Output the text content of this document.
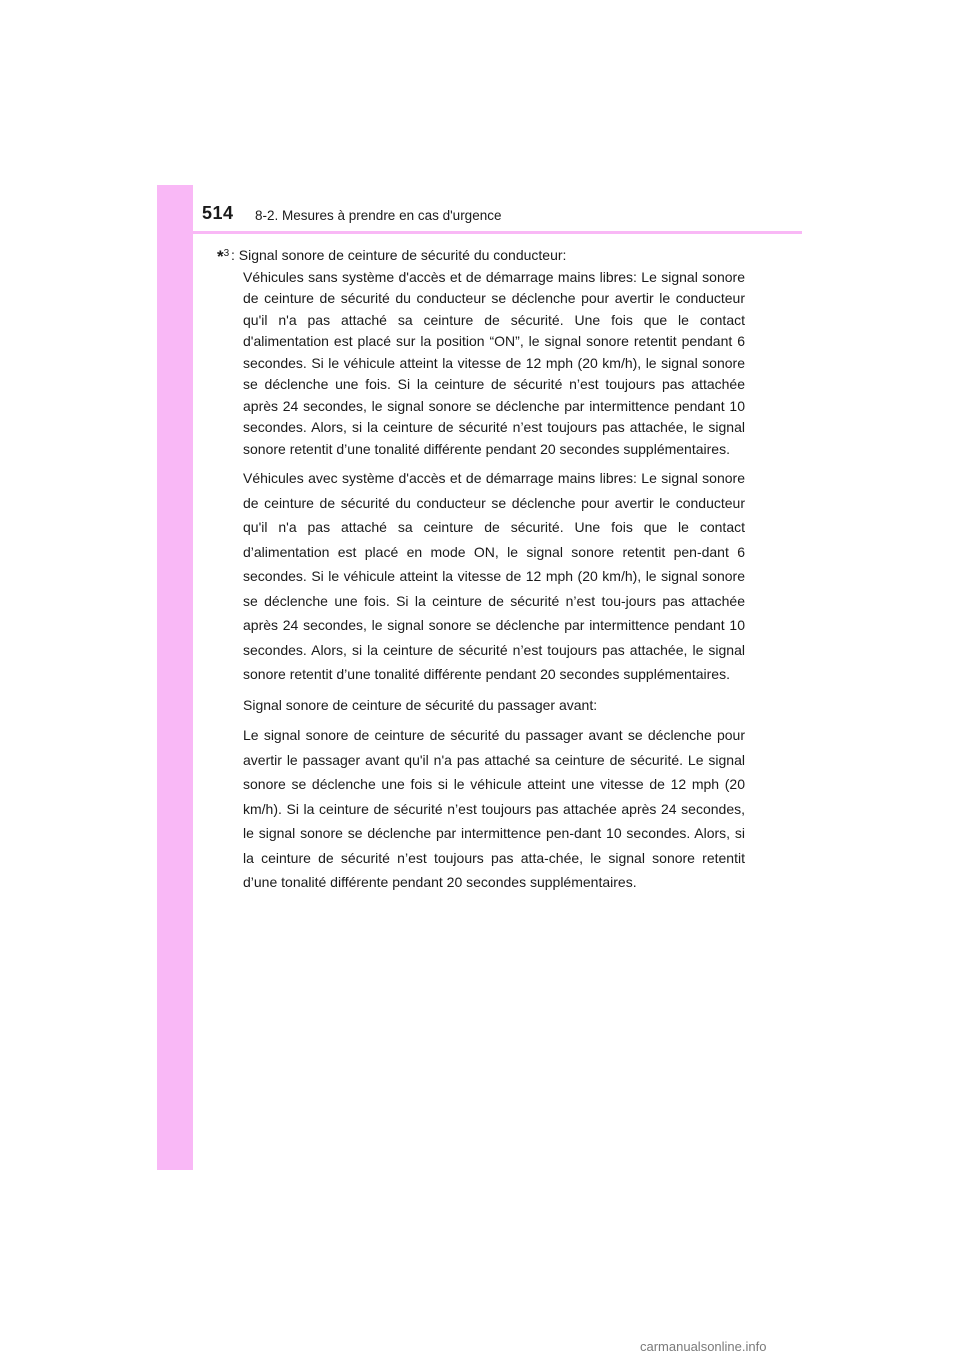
514 8-2. Mesures à prendre en cas d'urgence
*$^3$ : Signal sonore de ceinture de sécurité du conducteur:

Véhicules sans système d'accès et de démarrage mains libres: Le signal sonore de ceinture de sécurité du conducteur se déclenche pour avertir le conducteur qu'il n'a pas attaché sa ceinture de sécurité. Une fois que le contact d'alimentation est placé sur la position “ON”, le signal sonore retentit pendant 6 secondes. Si le véhicule atteint la vitesse de 12 mph (20 km/h), le signal sonore se déclenche une fois. Si la ceinture de sécurité n’est toujours pas attachée après 24 secondes, le signal sonore se déclenche par intermittence pendant 10 secondes. Alors, si la ceinture de sécurité n’est toujours pas attachée, le signal sonore retentit d’une tonalité différente pendant 20 secondes supplémentaires.

Véhicules avec système d'accès et de démarrage mains libres: Le signal sonore de ceinture de sécurité du conducteur se déclenche pour avertir le conducteur qu'il n'a pas attaché sa ceinture de sécurité. Une fois que le contact d’alimentation est placé en mode ON, le signal sonore retentit pen-dant 6 secondes. Si le véhicule atteint la vitesse de 12 mph (20 km/h), le signal sonore se déclenche une fois. Si la ceinture de sécurité n’est tou-jours pas attachée après 24 secondes, le signal sonore se déclenche par intermittence pendant 10 secondes. Alors, si la ceinture de sécurité n’est toujours pas attachée, le signal sonore retentit d’une tonalité différente pendant 20 secondes supplémentaires.

Signal sonore de ceinture de sécurité du passager avant:

Le signal sonore de ceinture de sécurité du passager avant se déclenche pour avertir le passager avant qu'il n'a pas attaché sa ceinture de sécurité. Le signal sonore se déclenche une fois si le véhicule atteint une vitesse de 12 mph (20 km/h). Si la ceinture de sécurité n’est toujours pas attachée après 24 secondes, le signal sonore se déclenche par intermittence pen-dant 10 secondes. Alors, si la ceinture de sécurité n’est toujours pas atta-chée, le signal sonore retentit d’une tonalité différente pendant 20 secondes supplémentaires.

carmanualsonline.info
